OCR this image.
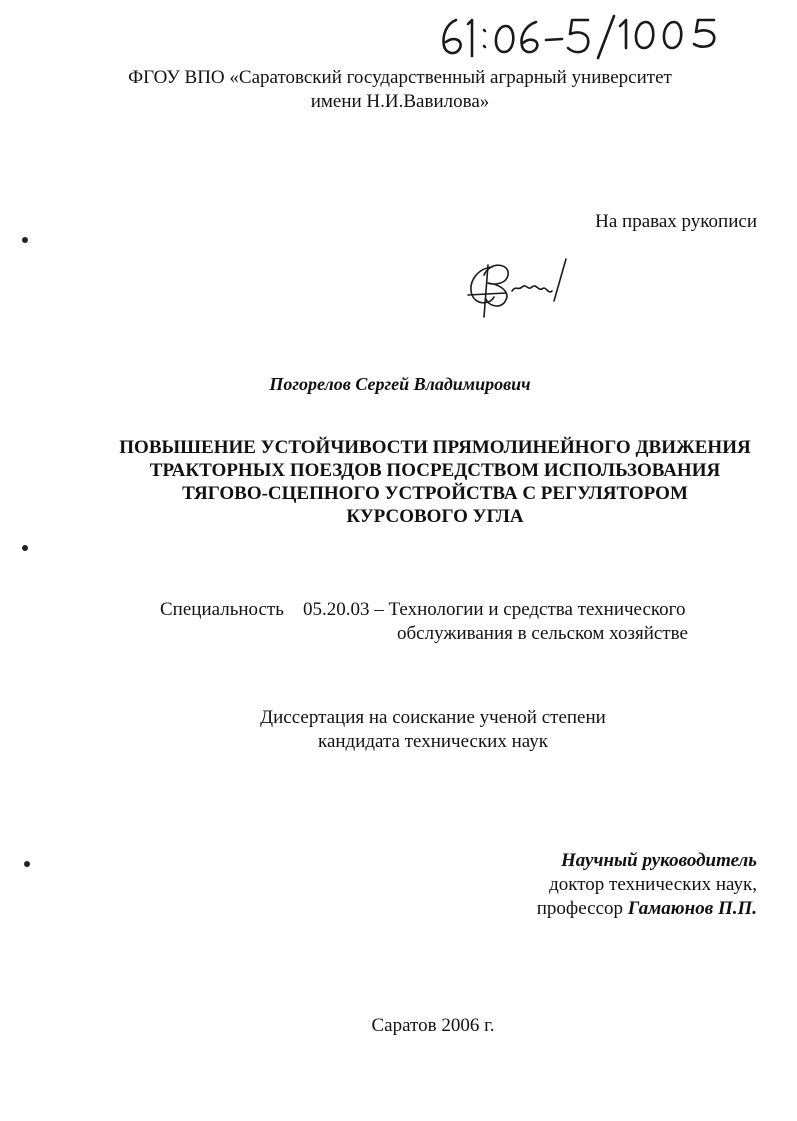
ФГОУ ВПО «Саратовский государственный аграрный университет
имени Н.И.Вавилова»
На правах рукописи
Погорелов Сергей Владимирович
ПОВЫШЕНИЕ УСТОЙЧИВОСТИ ПРЯМОЛИНЕЙНОГО ДВИЖЕНИЯ
ТРАКТОРНЫХ ПОЕЗДОВ ПОСРЕДСТВОМ ИСПОЛЬЗОВАНИЯ
ТЯГОВО-СЦЕПНОГО УСТРОЙСТВА С РЕГУЛЯТОРОМ
КУРСОВОГО УГЛА
Специальность 05.20.03 – Технологии и средства технического
обслуживания в сельском хозяйстве
Диссертация на соискание ученой степени
кандидата технических наук
Научный руководитель
доктор технических наук,
профессор Гамаюнов П.П.
Саратов 2006 г.
